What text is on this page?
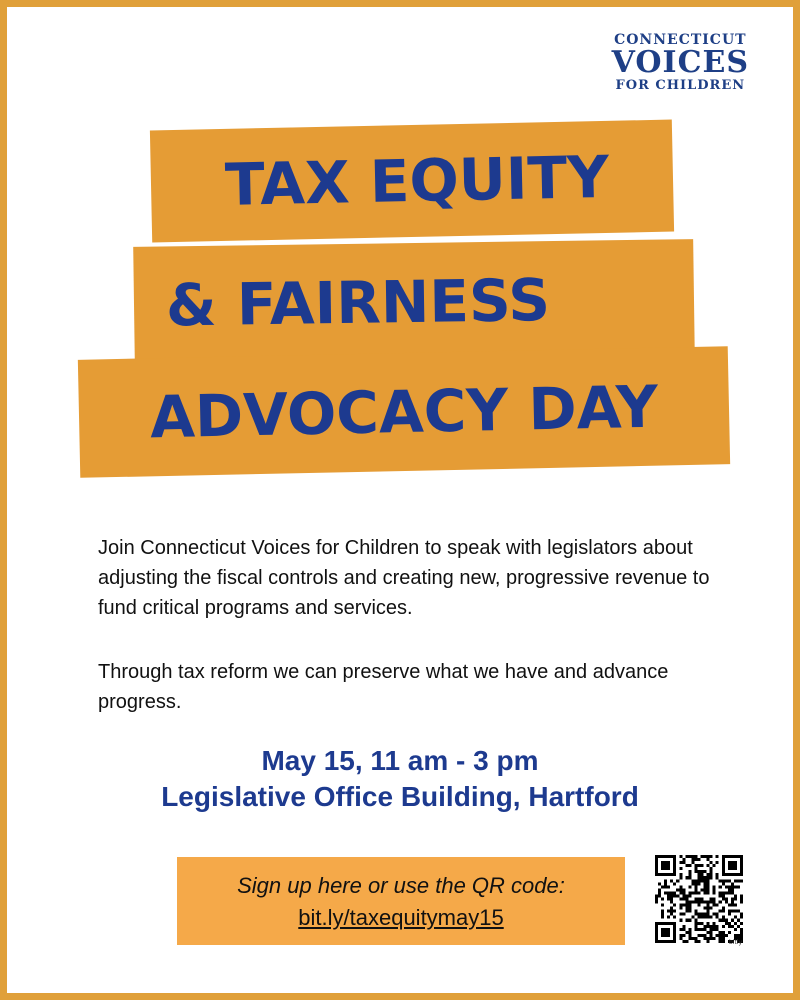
CONNECTICUT
VOICES
FOR CHILDREN
TAX EQUITY
& FAIRNESS
ADVOCACY DAY

Join Connecticut Voices for Children to speak with legislators about adjusting the fiscal controls and creating new, progressive revenue to fund critical programs and services.

Through tax reform we can preserve what we have and advance progress.

May 15, 11 am - 3 pm
Legislative Office Building, Hartford
Sign up here or use the QR code:
bit.ly/taxequitymay15
bitly
